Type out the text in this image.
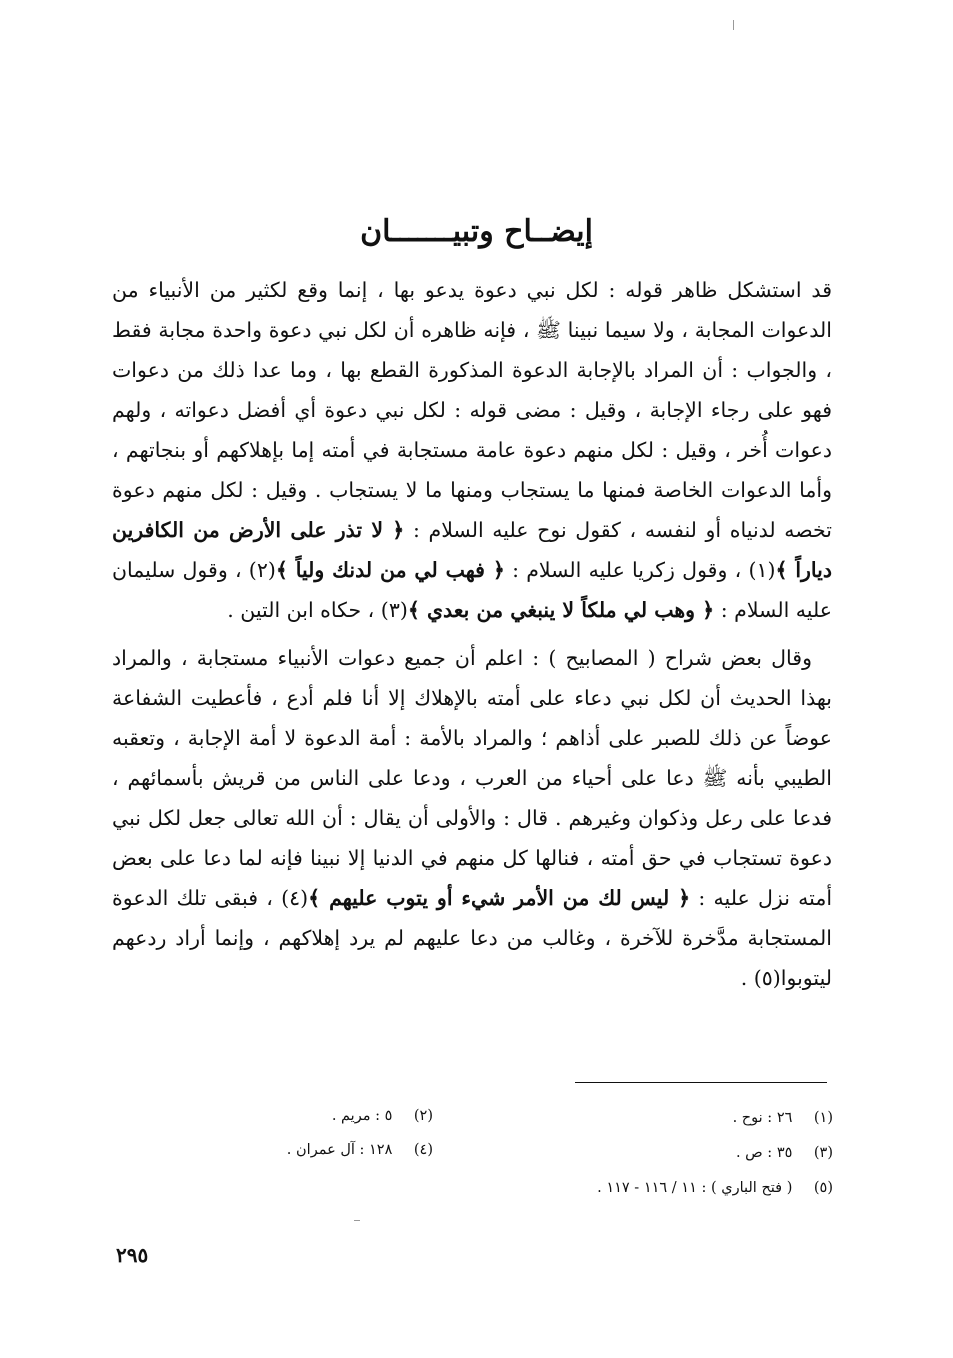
إيضــاح وتبيـــــــان

قد استشكل ظاهر قوله : لكل نبي دعوة يدعو بها ، إنما وقع لكثير من الأنبياء من الدعوات المجابة ، ولا سيما نبينا ﷺ ، فإنه ظاهره أن لكل نبي دعوة واحدة مجابة فقط ، والجواب : أن المراد بالإجابة الدعوة المذكورة القطع بها ، وما عدا ذلك من دعوات فهو على رجاء الإجابة ، وقيل : مضى قوله : لكل نبي دعوة أي أفضل دعواته ، ولهم دعوات أُخر ، وقيل : لكل منهم دعوة عامة مستجابة في أمته إما بإهلاكهم أو بنجاتهم ، وأما الدعوات الخاصة فمنها ما يستجاب ومنها ما لا يستجاب . وقيل : لكل منهم دعوة تخصه لدنياه أو لنفسه ، كقول نوح عليه السلام : ﴿ لا تذر على الأرض من الكافرين دياراً ﴾(١) ، وقول زكريا عليه السلام : ﴿ فهب لي من لدنك ولياً ﴾(٢) ، وقول سليمان عليه السلام : ﴿ وهب لي ملكاً لا ينبغي من بعدي ﴾(٣) ، حكاه ابن التين .

وقال بعض شراح ( المصابيح ) : اعلم أن جميع دعوات الأنبياء مستجابة ، والمراد بهذا الحديث أن لكل نبي دعاء على أمته بالإهلاك إلا أنا فلم أدع ، فأعطيت الشفاعة عوضاً عن ذلك للصبر على أذاهم ؛ والمراد بالأمة : أمة الدعوة لا أمة الإجابة ، وتعقبه الطيبي بأنه ﷺ دعا على أحياء من العرب ، ودعا على الناس من قريش بأسمائهم ، فدعا على رعل وذكوان وغيرهم . قال : والأولى أن يقال : أن الله تعالى جعل لكل نبي دعوة تستجاب في حق أمته ، فنالها كل منهم في الدنيا إلا نبينا فإنه لما دعا على بعض أمته نزل عليه : ﴿ ليس لك من الأمر شيء أو يتوب عليهم ﴾(٤) ، فبقى تلك الدعوة المستجابة مدَّخرة للآخرة ، وغالب من دعا عليهم لم يرد إهلاكهم ، وإنما أراد ردعهم ليتوبوا(٥) .

(١) ٢٦ : نوح .
(٢) ٥ : مريم .
(٣) ٣٥ : ص .
(٤) ١٢٨ : آل عمران .
(٥) ( فتح الباري ) : ١١ / ١١٦ - ١١٧ .
٢٩٥
